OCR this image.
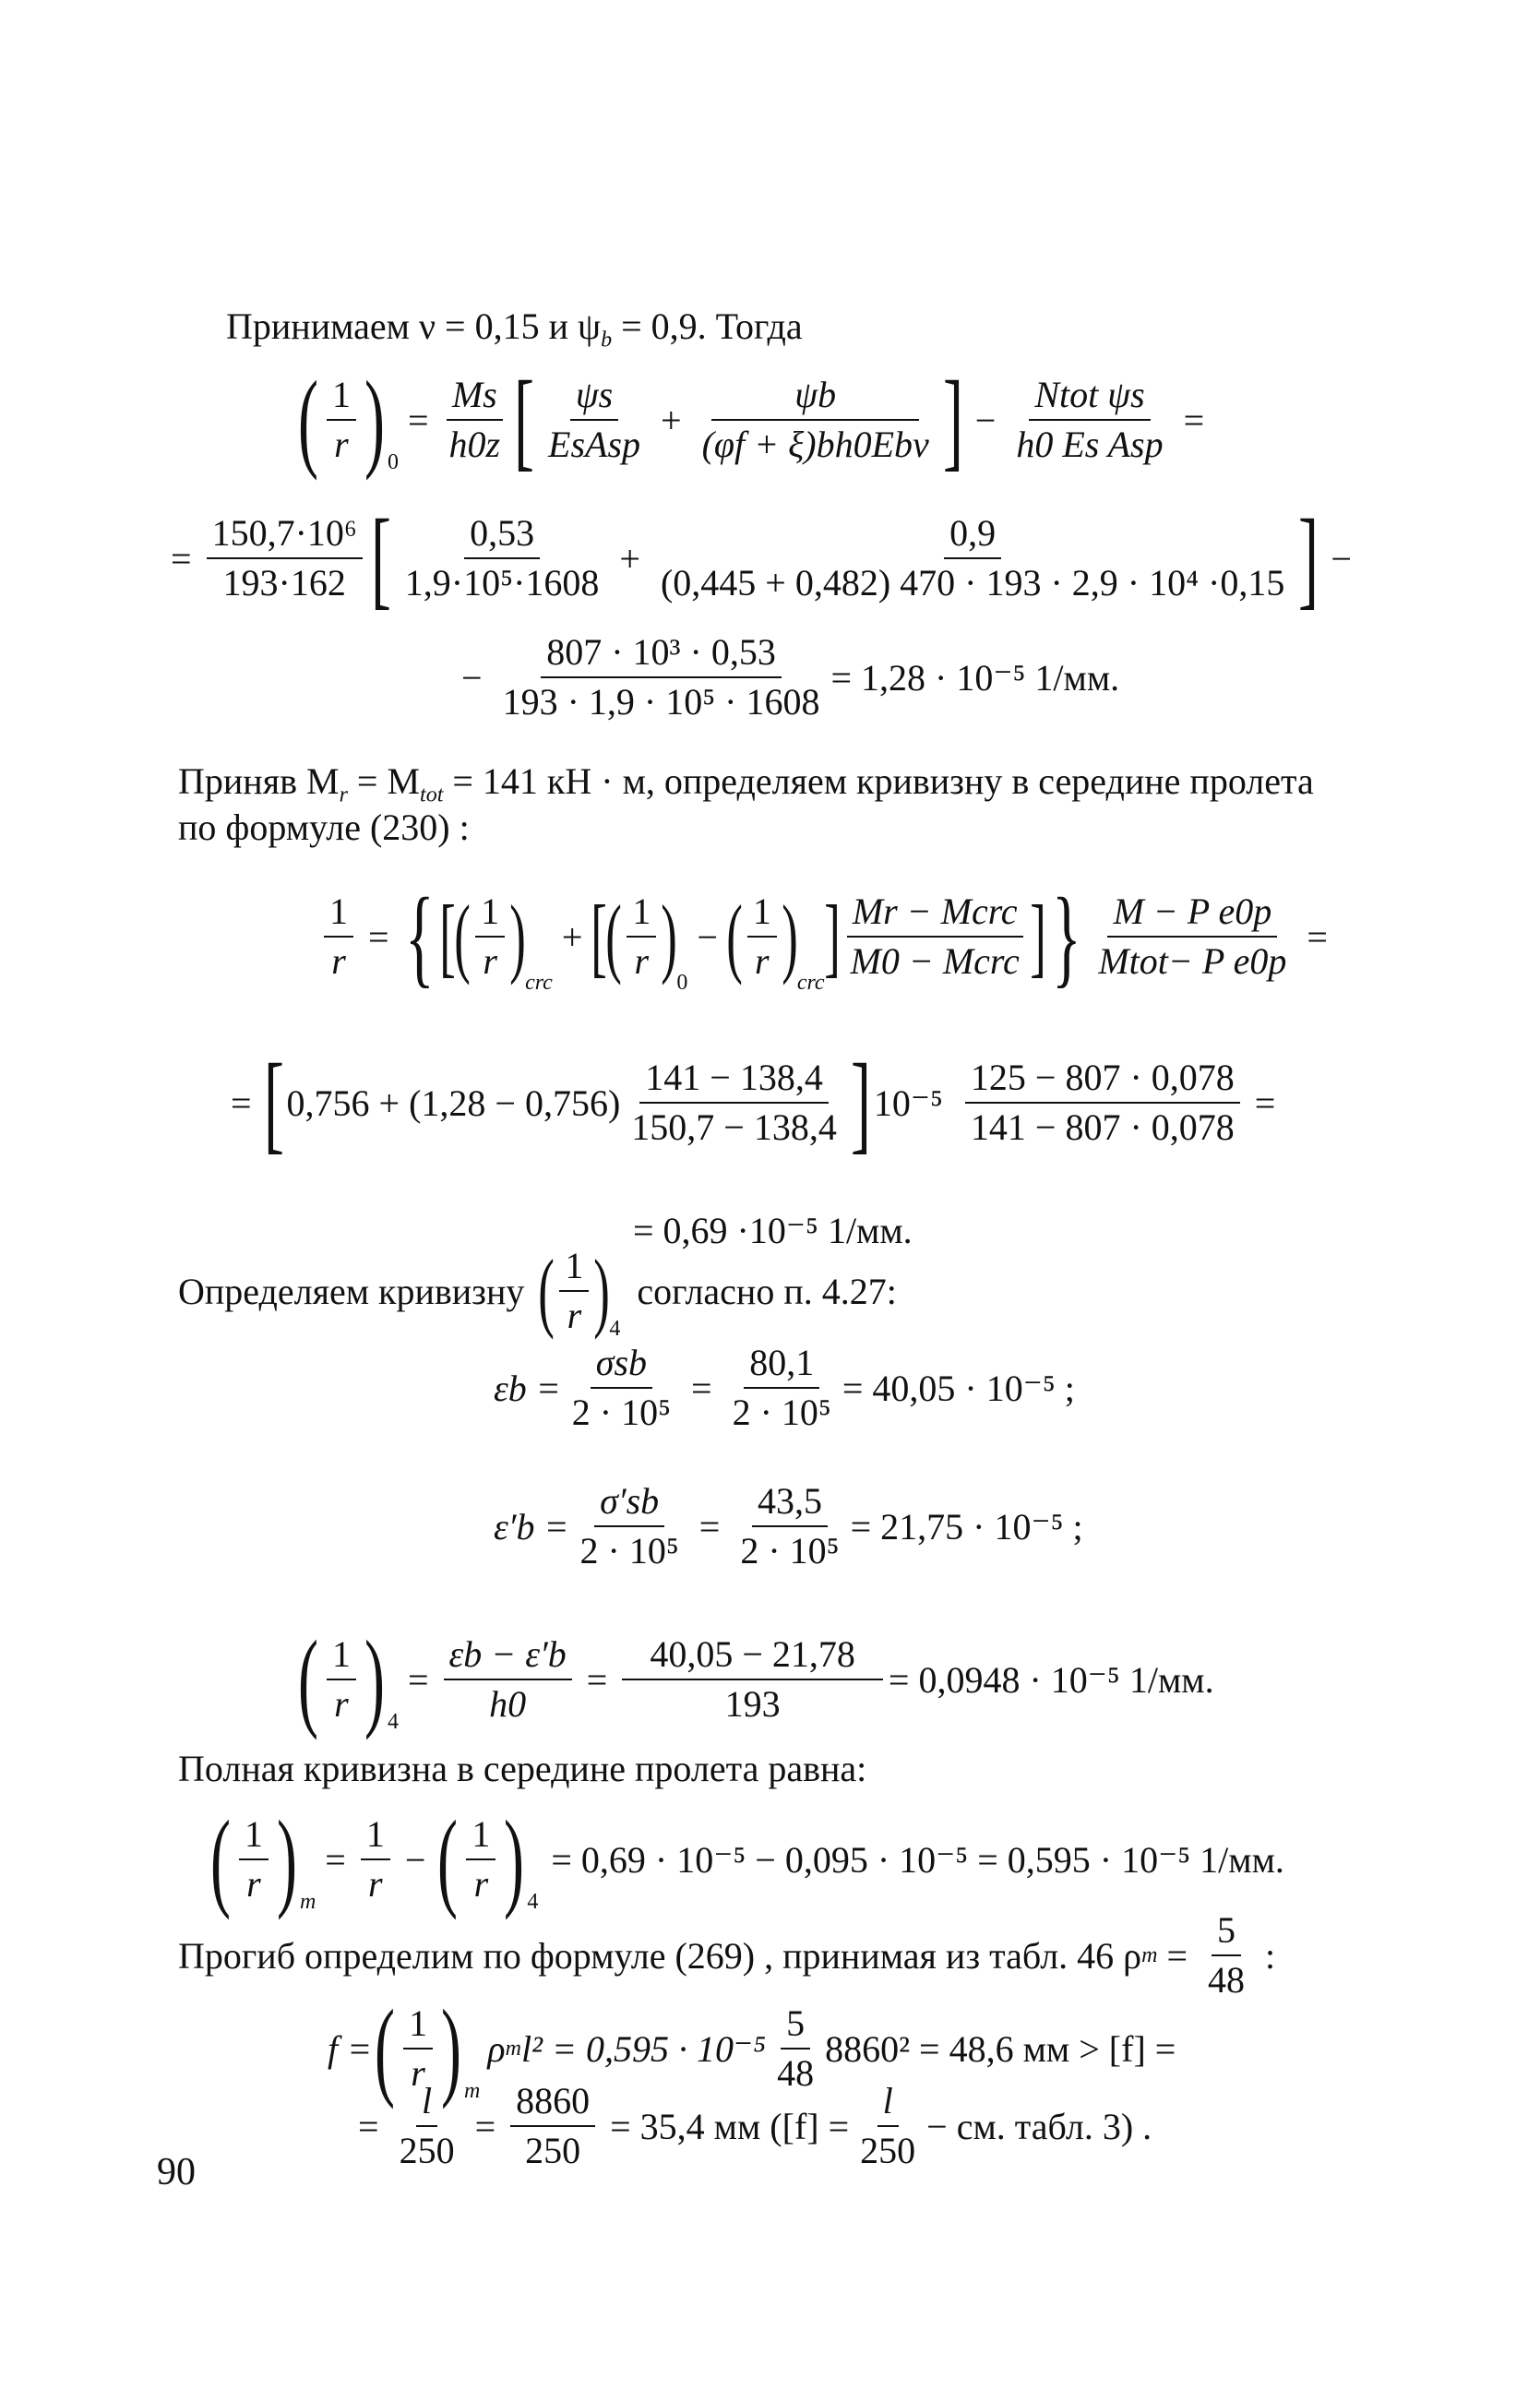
Принимаем ν = 0,15 и $\psi_b = 0,9$. Тогда
( $\frac{1}{r}$ ) 0
= $\frac{Ms}{h0z}$ [ $\frac{\psi s}{\text{EsAsp}} + \frac{\psi b}{\text{(φf + ξ)bh0Ebν}}$ ] − $\frac{\text{Ntot ψs}}{\text{h0 Es Asp}}$ =
= $\frac{\text{150,7·10⁶}}{193\cdot 162}$ [ $\frac{0,53}{\text{1,9·10⁵·1608}} + \frac{0,9}{\text{(0,445 + 0,482) 470 · 193 · 2,9 · 10⁴ ·0,15}}$ ] −
− $\frac{\text{807 · 10³ · 0,53}}{\text{193 · 1,9 · 10⁵ · 1608}} = 1,28 \cdot 10^{-5}$ 1/мм.
Приняв $M_r = M_{tot} = 141$ кН · м, определяем кривизну в середине пролета
по формуле (230) :
$\frac{1}{r}$ = { [
( $\frac{1}{r}$ ) crc
+ [
( $\frac{1}{r}$ ) 0
− ( $\frac{1}{r}$ ) crc ] $\frac{\text{Mr − Mcrc}}{\text{M0 − Mcrc}}$ ] } $\frac{\text{M − P e0p}}{\text{Mtot− P e0p}}$ =
= [ $0,756 + (1,28 - 0,756) \frac{141 - 138,4}{150,7 - 138,4}$ ] $10^{-5} \frac{125 - 807 \cdot 0,078}{141 - 807 \cdot 0,078}$ =
= 0,69 ·10⁻⁵ 1/мм.
Определяем кривизну ( $\frac{1}{r}$ ) 4
согласно п. 4.27:
$\varepsilon b = \frac{\text{σsb}}{\text{2 · 10⁵}} = \frac{80,1}{\text{2 · 10⁵}} = 40,05 \cdot 10^{-5}$ ;
$\varepsilon'b = \frac{\sigma'sb}{\text{2 · 10⁵}} = \frac{43,5}{\text{2 · 10⁵}} = 21,75 \cdot 10^{-5}$ ;
( $\frac{1}{r}$ ) 4
= $\frac{\varepsilon b - \varepsilon'b}{h0} = \frac{40,05 - 21,78}{193} = 0,0948 \cdot 10^{-5}$ 1/мм.
Полная кривизна в середине пролета равна:
( $\frac{1}{r}$ ) m
= $\frac{1}{r}$ − ( $\frac{1}{r}$ ) 4
= 0,69 · 10⁻⁵ − 0,095 · 10⁻⁵ = 0,595 · 10⁻⁵ 1/мм.
Прогиб определим по формуле (269) , принимая из табл. 46 ρ $m = \frac{5}{48}$ :
f = ( $\frac{1}{r}$ ) m
ρ m $l^2 = 0,595 \cdot 10^{-5} \frac{5}{48} 8860^2 = 48,6$ мм > [f] =
= $\frac{l}{250} = \frac{8860}{250} = 35,4$ мм ($[f] = \frac{l}{250}$ − см. табл. 3) .
90
